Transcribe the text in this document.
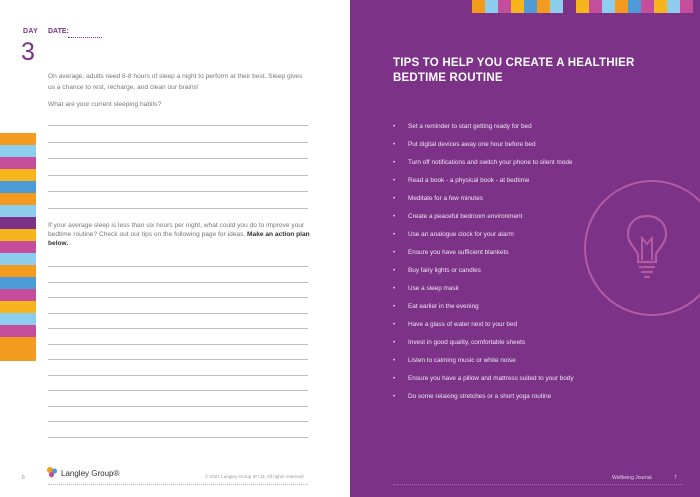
DAY DATE:
3

On average, adults need 6-8 hours of sleep a night to perform at their best. Sleep gives us a chance to rest, recharge, and clean our brains!

What are your current sleeping habits?

If your average sleep is less than six hours per night, what could you do to improve your bedtime routine? Check out our tips on the following page for ideas. Make an action plan below.

6	Langley Group®	© 2021 Langley Group IP Ltd. All rights reserved
TIPS TO HELP YOU CREATE A HEALTHIER BEDTIME ROUTINE
• Set a reminder to start getting ready for bed
• Put digital devices away one hour before bed
• Turn off notifications and switch your phone to silent mode
• Read a book - a physical book - at bedtime
• Meditate for a few minutes
• Create a peaceful bedroom environment
• Use an analogue clock for your alarm
• Ensure you have sufficient blankets
• Buy fairy lights or candles
• Use a sleep mask
• Eat earlier in the evening
• Have a glass of water next to your bed
• Invest in good quality, comfortable sheets
• Listen to calming music or white noise
• Ensure you have a pillow and mattress suited to your body
• Do some relaxing stretches or a short yoga routine
Wellbeing Journal	7
